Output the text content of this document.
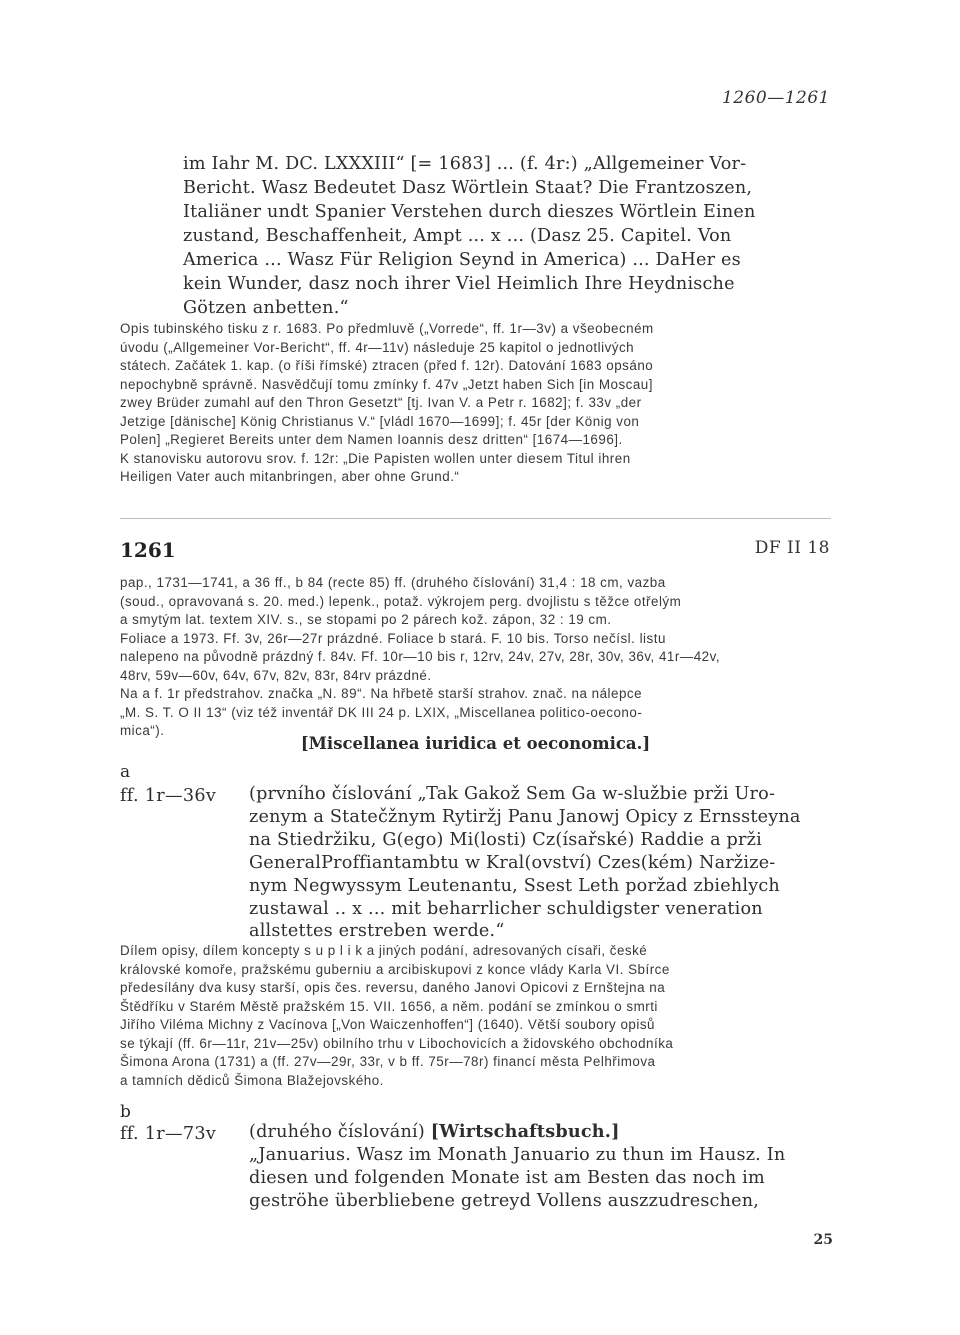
1260—1261
im Iahr M. DC. LXXXIII“ [= 1683] ... (f. 4r:) „Allgemeiner Vor-
Bericht. Wasz Bedeutet Dasz Wörtlein Staat? Die Frantzoszen,
Italiäner undt Spanier Verstehen durch dieszes Wörtlein Einen
zustand, Beschaffenheit, Ampt ... x ... (Dasz 25. Capitel. Von
America ... Wasz Für Religion Seynd in America) ... DaHer es
kein Wunder, dasz noch ihrer Viel Heimlich Ihre Heydnische
Götzen anbetten.“
Opis tubinského tisku z r. 1683. Po předmluvě („Vorrede“, ff. 1r—3v) a všeobecném
úvodu („Allgemeiner Vor-Bericht“, ff. 4r—11v) následuje 25 kapitol o jednotlivých
státech. Začátek 1. kap. (o říši římské) ztracen (před f. 12r). Datování 1683 opsáno
nepochybně správně. Nasvědčují tomu zmínky f. 47v „Jetzt haben Sich [in Moscau]
zwey Brüder zumahl auf den Thron Gesetzt“ [tj. Ivan V. a Petr r. 1682]; f. 33v „der
Jetzige [dänische] König Christianus V.“ [vládl 1670—1699]; f. 45r [der König von
Polen] „Regieret Bereits unter dem Namen Ioannis desz dritten“ [1674—1696].
K stanovisku autorovu srov. f. 12r: „Die Papisten wollen unter diesem Titul ihren
Heiligen Vater auch mitanbringen, aber ohne Grund.“
1261	DF II 18
pap., 1731—1741, a 36 ff., b 84 (recte 85) ff. (druhého číslování) 31,4 : 18 cm, vazba
(soud., opravovaná s. 20. med.) lepenk., potaž. výkrojem perg. dvojlistu s těžce otřelým
a smytým lat. textem XIV. s., se stopami po 2 párech kož. zápon, 32 : 19 cm.
Foliace a 1973. Ff. 3v, 26r—27r prázdné. Foliace b stará. F. 10 bis. Torso nečísl. listu
nalepeno na původně prázdný f. 84v. Ff. 10r—10 bis r, 12rv, 24v, 27v, 28r, 30v, 36v, 41r—42v,
48rv, 59v—60v, 64v, 67v, 82v, 83r, 84rv prázdné.
Na a f. 1r předstrahov. značka „N. 89“. Na hřbetě starší strahov. znač. na nálepce
„M. S. T. O II 13“ (viz též inventář DK III 24 p. LXIX, „Miscellanea politico-oecono-
mica“).
[Miscellanea iuridica et oeconomica.]
a
ff. 1r—36v (prvního číslování „Tak Gakož Sem Ga w-službie prži Uro-
zenym a Statečžnym Rytiržj Panu Janowj Opicy z Ernssteyna
na Stiedržiku, G(ego) Mi(losti) Cz(ísařské) Raddie a prži
GeneralProffiantambtu w Kral(ovství) Czes(kém) Naržize-
nym Negwyssym Leutenantu, Ssest Leth poržad zbiehlych
zustawal .. x ... mit beharrlicher schuldigster veneration
allstettes erstreben werde.“
Dílem opisy, dílem koncepty s u p l i k a jiných podání, adresovaných císaři, české
královské komoře, pražskému guberniu a arcibiskupovi z konce vlády Karla VI. Sbírce
předesílány dva kusy starší, opis čes. reversu, daného Janovi Opicovi z Ernštejna na
Štědříku v Starém Městě pražském 15. VII. 1656, a něm. podání se zmínkou o smrti
Jiřího Viléma Michny z Vacínova [„Von Waiczenhoffen“] (1640). Větší soubory opisů
se týkají (ff. 6r—11r, 21v—25v) obilního trhu v Libochovicích a židovského obchodníka
Šimona Arona (1731) a (ff. 27v—29r, 33r, v b ff. 75r—78r) financí města Pelhřimova
a tamních dědiců Šimona Blažejovského.
b
ff. 1r—73v (druhého číslování) [Wirtschaftsbuch.]
„Januarius. Wasz im Monath Januario zu thun im Hausz. In
diesen und folgenden Monate ist am Besten das noch im
geströhe überbliebene getreyd Vollens auszzudreschen,
25
